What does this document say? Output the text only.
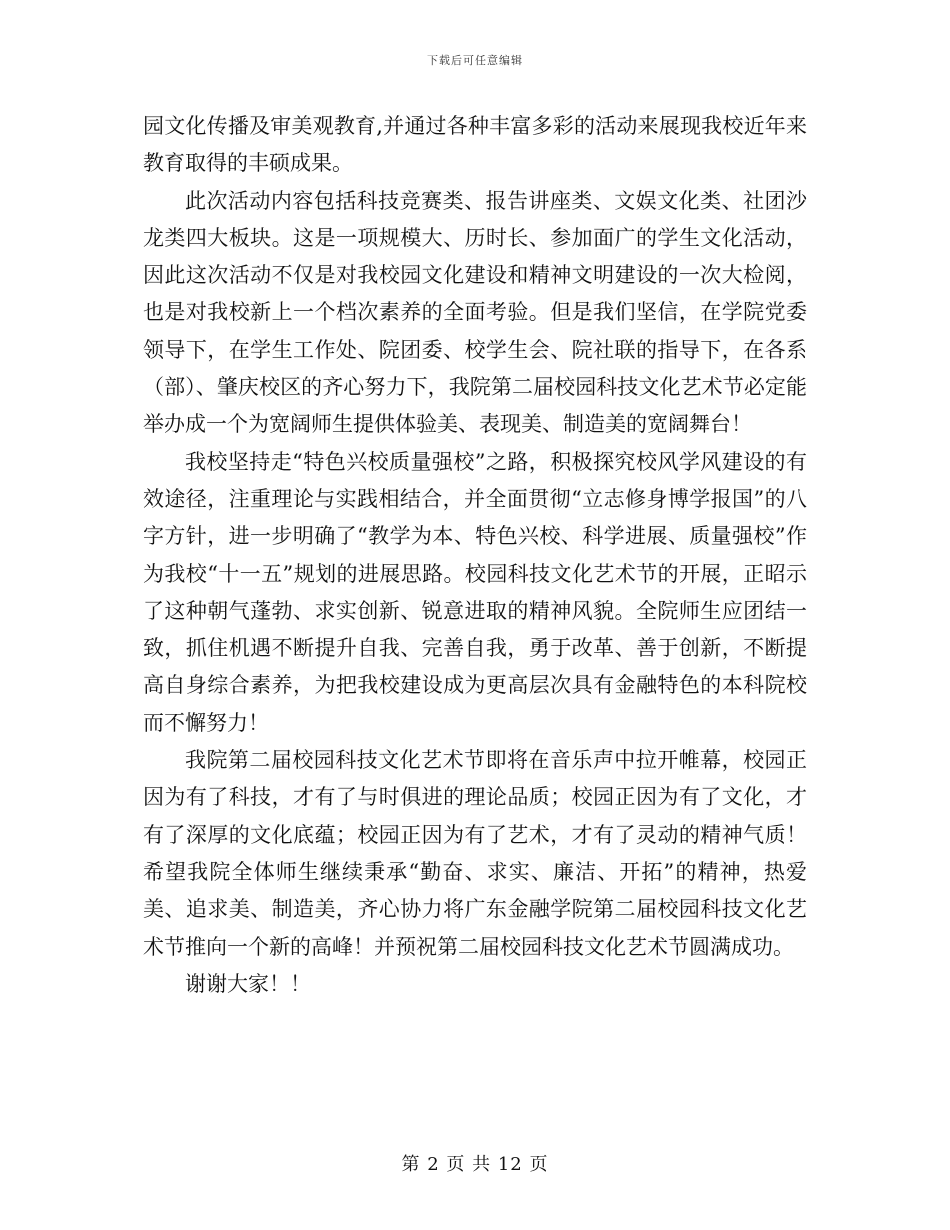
下载后可任意编辑

园文化传播及审美观教育,并通过各种丰富多彩的活动来展现我校近年来教育取得的丰硕成果。

此次活动内容包括科技竞赛类、报告讲座类、文娱文化类、社团沙龙类四大板块。这是一项规模大、历时长、参加面广的学生文化活动，因此这次活动不仅是对我校园文化建设和精神文明建设的一次大检阅，也是对我校新上一个档次素养的全面考验。但是我们坚信，在学院党委领导下，在学生工作处、院团委、校学生会、院社联的指导下，在各系（部）、肇庆校区的齐心努力下，我院第二届校园科技文化艺术节必定能举办成一个为宽阔师生提供体验美、表现美、制造美的宽阔舞台！

我校坚持走“特色兴校质量强校”之路，积极探究校风学风建设的有效途径，注重理论与实践相结合，并全面贯彻“立志修身博学报国”的八字方针，进一步明确了“教学为本、特色兴校、科学进展、质量强校”作为我校“十一五”规划的进展思路。校园科技文化艺术节的开展，正昭示了这种朝气蓬勃、求实创新、锐意进取的精神风貌。全院师生应团结一致，抓住机遇不断提升自我、完善自我，勇于改革、善于创新，不断提高自身综合素养，为把我校建设成为更高层次具有金融特色的本科院校而不懈努力！

我院第二届校园科技文化艺术节即将在音乐声中拉开帷幕，校园正因为有了科技，才有了与时俱进的理论品质；校园正因为有了文化，才有了深厚的文化底蕴；校园正因为有了艺术，才有了灵动的精神气质！希望我院全体师生继续秉承“勤奋、求实、廉洁、开拓”的精神，热爱美、追求美、制造美，齐心协力将广东金融学院第二届校园科技文化艺术节推向一个新的高峰！并预祝第二届校园科技文化艺术节圆满成功。

谢谢大家！！

第 2 页 共 12 页
